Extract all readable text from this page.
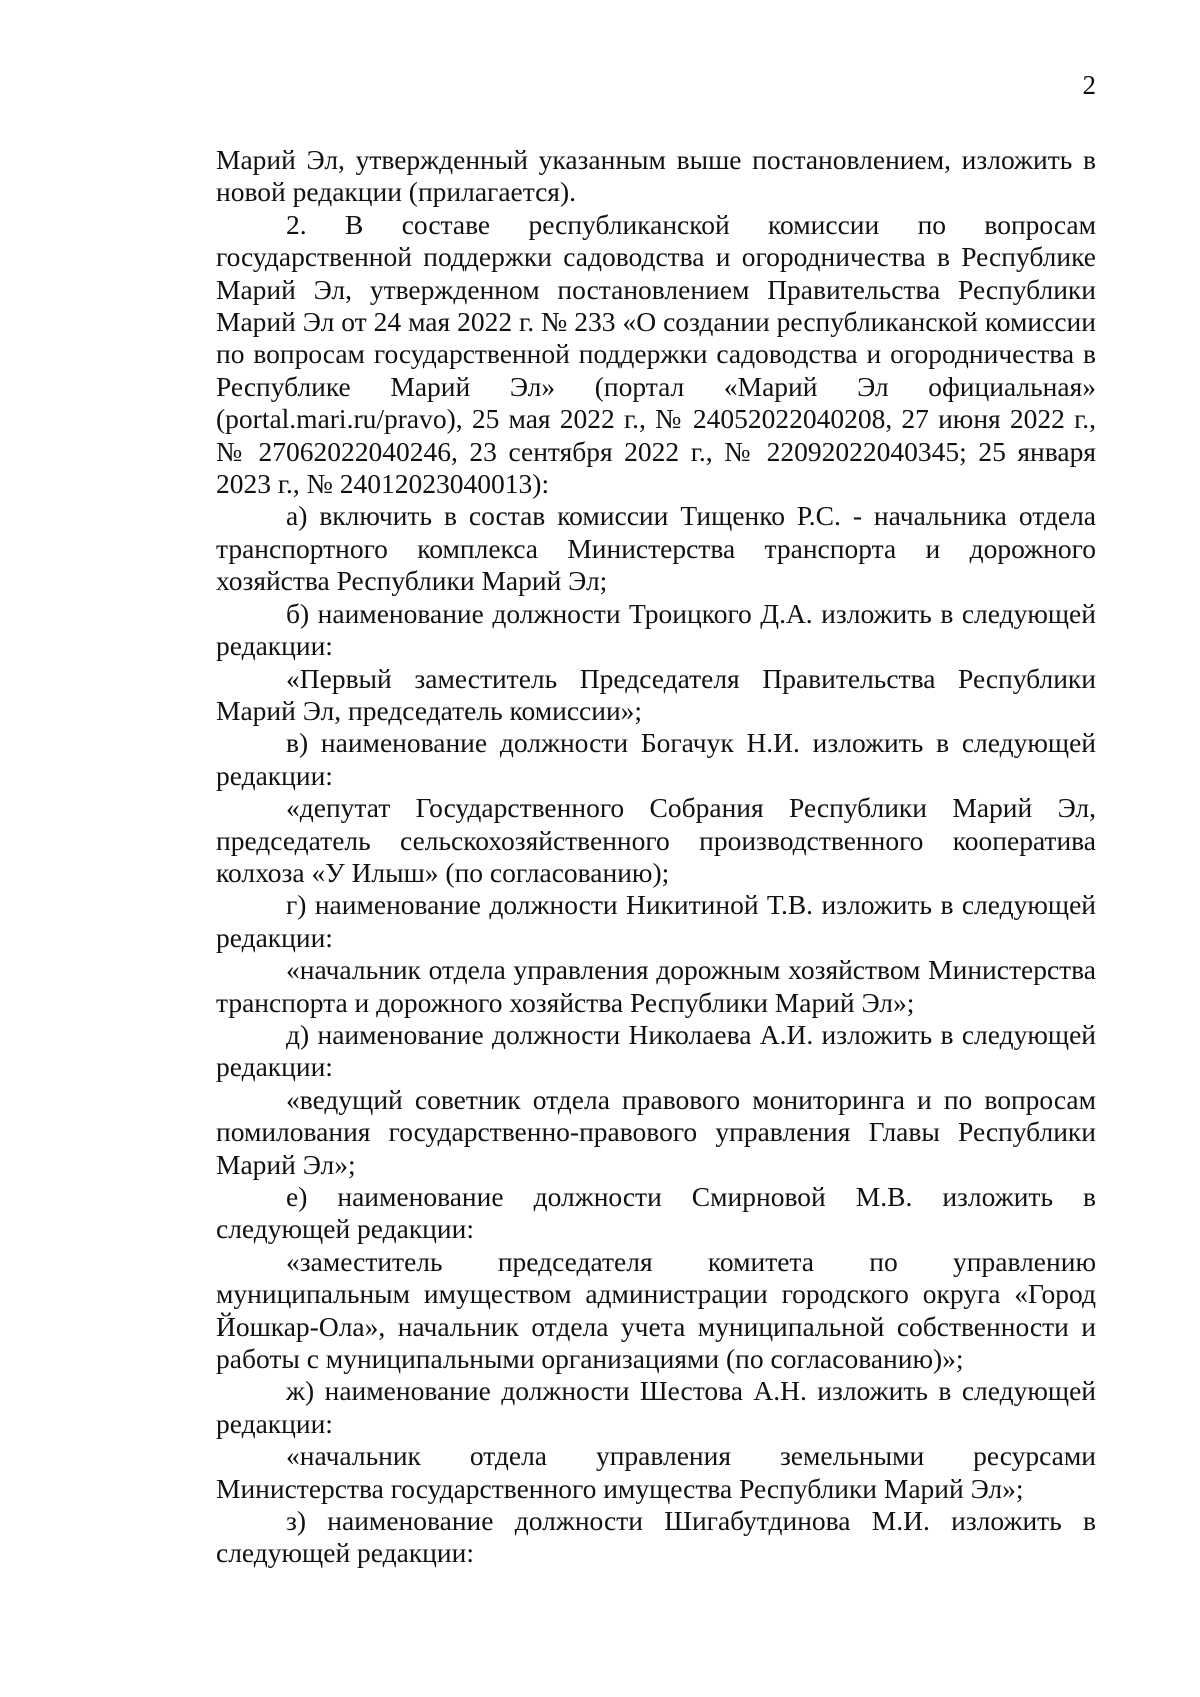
2

Марий Эл, утвержденный указанным выше постановлением, изложить в новой редакции (прилагается).

2. В составе республиканской комиссии по вопросам государственной поддержки садоводства и огородничества в Республике Марий Эл, утвержденном постановлением Правительства Республики Марий Эл от 24 мая 2022 г. № 233 «О создании республиканской комиссии по вопросам государственной поддержки садоводства и огородничества в Республике Марий Эл» (портал «Марий Эл официальная» (portal.mari.ru/pravo), 25 мая 2022 г., № 24052022040208, 27 июня 2022 г., № 27062022040246, 23 сентября 2022 г., № 22092022040345; 25 января 2023 г., № 24012023040013):

а) включить в состав комиссии Тищенко Р.С. - начальника отдела транспортного комплекса Министерства транспорта и дорожного хозяйства Республики Марий Эл;

б) наименование должности Троицкого Д.А. изложить в следующей редакции:

«Первый заместитель Председателя Правительства Республики Марий Эл, председатель комиссии»;

в) наименование должности Богачук Н.И. изложить в следующей редакции:

«депутат Государственного Собрания Республики Марий Эл, председатель сельскохозяйственного производственного кооператива колхоза «У Илыш» (по согласованию);

г) наименование должности Никитиной Т.В. изложить в следующей редакции:

«начальник отдела управления дорожным хозяйством Министерства транспорта и дорожного хозяйства Республики Марий Эл»;

д) наименование должности Николаева А.И. изложить в следующей редакции:

«ведущий советник отдела правового мониторинга и по вопросам помилования государственно-правового управления Главы Республики Марий Эл»;

е) наименование должности Смирновой М.В. изложить в следующей редакции:

«заместитель председателя комитета по управлению муниципальным имуществом администрации городского округа «Город Йошкар-Ола», начальник отдела учета муниципальной собственности и работы с муниципальными организациями (по согласованию)»;

ж) наименование должности Шестова А.Н. изложить в следующей редакции:

«начальник отдела управления земельными ресурсами Министерства государственного имущества Республики Марий Эл»;

з) наименование должности Шигабутдинова М.И. изложить в следующей редакции:
